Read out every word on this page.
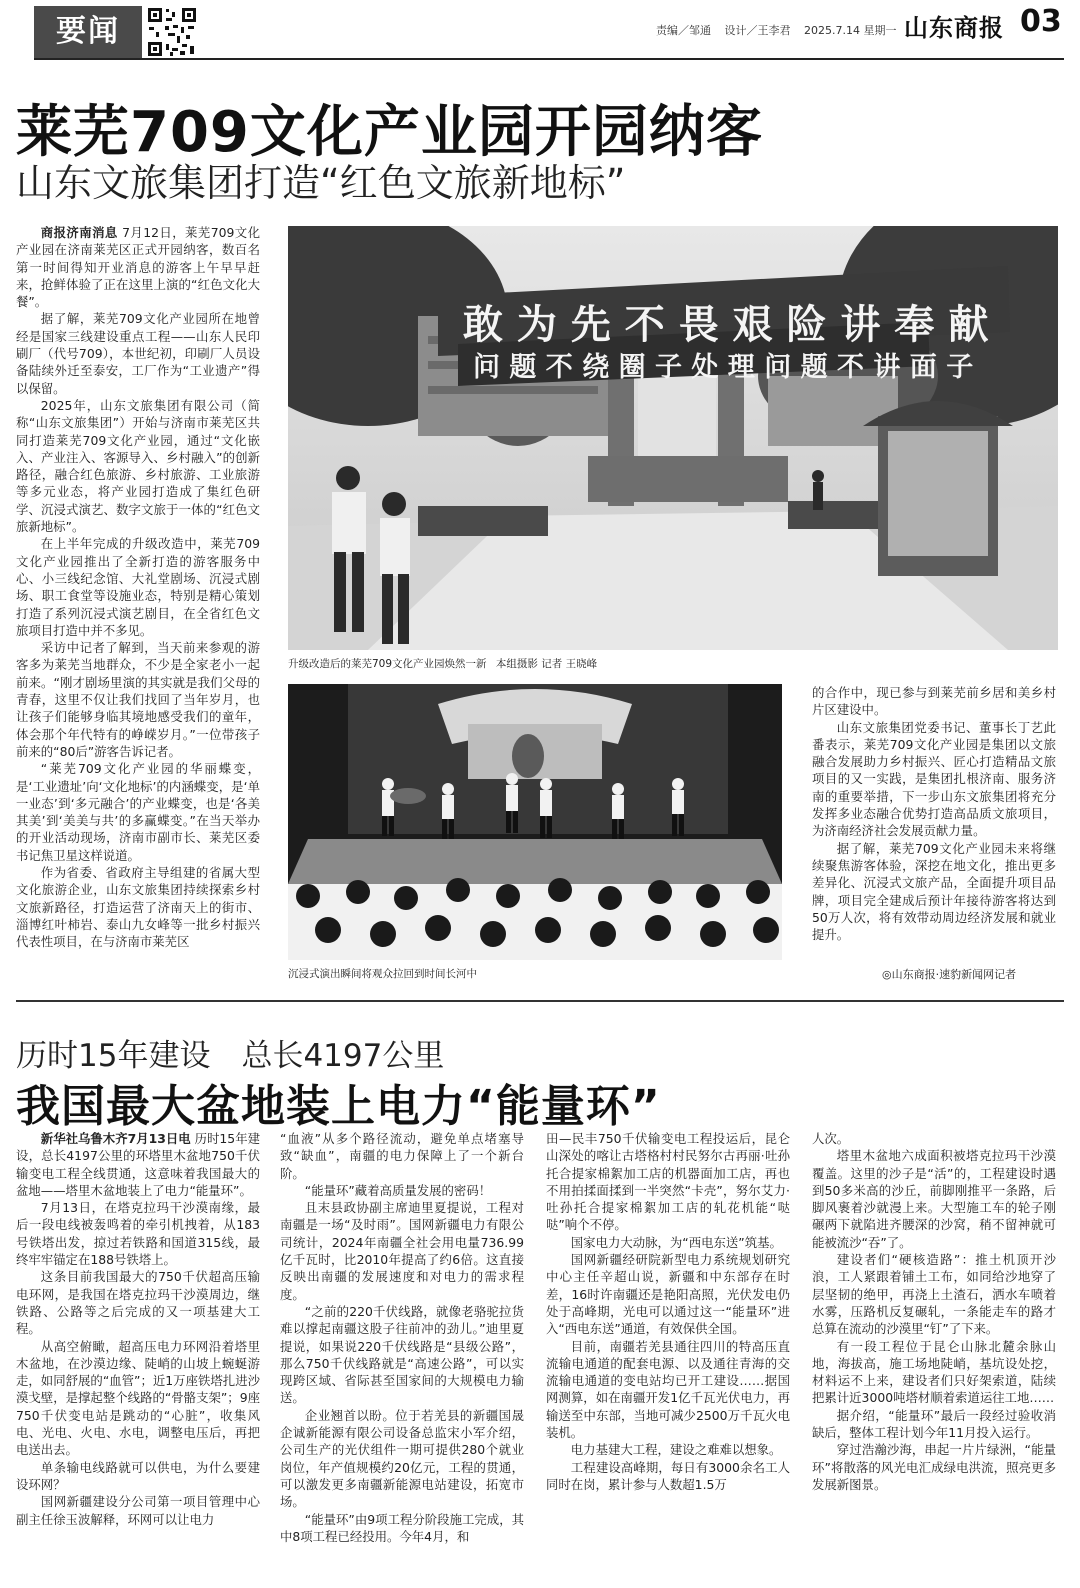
要闻	责编／邹通 设计／王李君 2025.7.14 星期一 山东商报 03
莱芜709文化产业园开园纳客
山东文旅集团打造“红色文旅新地标”

商报济南消息 7月12日，莱芜709文化产业园在济南莱芜区正式开园纳客，数百名第一时间得知开业消息的游客上午早早赶来，抢鲜体验了正在这里上演的“红色文化大餐”。

据了解，莱芜709文化产业园所在地曾经是国家三线建设重点工程——山东人民印刷厂（代号709），本世纪初，印刷厂人员设备陆续外迁至泰安，工厂作为“工业遗产”得以保留。

2025年，山东文旅集团有限公司（简称“山东文旅集团”）开始与济南市莱芜区共同打造莱芜709文化产业园，通过“文化嵌入、产业注入、客源导入、乡村融入”的创新路径，融合红色旅游、乡村旅游、工业旅游等多元业态，将产业园打造成了集红色研学、沉浸式演艺、数字文旅于一体的“红色文旅新地标”。

在上半年完成的升级改造中，莱芜709文化产业园推出了全新打造的游客服务中心、小三线纪念馆、大礼堂剧场、沉浸式剧场、职工食堂等设施业态，特别是精心策划打造了系列沉浸式演艺剧目，在全省红色文旅项目打造中并不多见。

采访中记者了解到，当天前来参观的游客多为莱芜当地群众，不少是全家老小一起前来。“刚才剧场里演的其实就是我们父母的青春，这里不仅让我们找回了当年岁月，也让孩子们能够身临其境地感受我们的童年，体会那个年代特有的峥嵘岁月。”一位带孩子前来的“80后”游客告诉记者。

“莱芜709文化产业园的华丽蝶变，是‘工业遗址’向‘文化地标’的内涵蝶变，是‘单一业态’到‘多元融合’的产业蝶变，也是‘各美其美’到‘美美与共’的多赢蝶变。”在当天举办的开业活动现场，济南市副市长、莱芜区委书记焦卫星这样说道。

作为省委、省政府主导组建的省属大型文化旅游企业，山东文旅集团持续探索乡村文旅新路径，打造运营了济南天上的街市、淄博红叶柿岩、泰山九女峰等一批乡村振兴代表性项目，在与济南市莱芜区

敢 为 先 不 畏 艰 险 讲 奉 献
问 题 不 绕 圈 子 处 理 问 题 不 讲 面 子
升级改造后的莱芜709文化产业园焕然一新 本组摄影 记者 王晓峰
沉浸式演出瞬间将观众拉回到时间长河中

的合作中，现已参与到莱芜前乡居和美乡村片区建设中。

山东文旅集团党委书记、董事长丁艺此番表示，莱芜709文化产业园是集团以文旅融合发展助力乡村振兴、匠心打造精品文旅项目的又一实践，是集团扎根济南、服务济南的重要举措，下一步山东文旅集团将充分发挥多业态融合优势打造高品质文旅项目，为济南经济社会发展贡献力量。

据了解，莱芜709文化产业园未来将继续聚焦游客体验，深挖在地文化，推出更多差异化、沉浸式文旅产品，全面提升项目品牌，项目完全建成后预计年接待游客将达到50万人次，将有效带动周边经济发展和就业提升。

◎山东商报·速豹新闻网记者
历时15年建设　总长4197公里
我国最大盆地装上电力“能量环”

新华社乌鲁木齐7月13日电 历时15年建设，总长4197公里的环塔里木盆地750千伏输变电工程全线贯通，这意味着我国最大的盆地——塔里木盆地装上了电力“能量环”。

7月13日，在塔克拉玛干沙漠南缘，最后一段电线被轰鸣着的牵引机拽着，从183号铁塔出发，掠过若铁路和国道315线，最终牢牢锚定在188号铁塔上。

这条目前我国最大的750千伏超高压输电环网，是我国在塔克拉玛干沙漠周边，继铁路、公路等之后完成的又一项基建大工程。

从高空俯瞰，超高压电力环网沿着塔里木盆地，在沙漠边缘、陡峭的山坡上蜿蜒游走，如同舒展的“血管”；近1万座铁塔扎进沙漠戈壁，是撑起整个线路的“骨骼支架”；9座750千伏变电站是跳动的“心脏”，收集风电、光电、火电、水电，调整电压后，再把电送出去。

单条输电线路就可以供电，为什么要建设环网？

国网新疆建设分公司第一项目管理中心副主任徐玉波解释，环网可以让电力

“血液”从多个路径流动，避免单点堵塞导致“缺血”，南疆的电力保障上了一个新台阶。

“能量环”藏着高质量发展的密码！

且末县政协副主席迪里夏提说，工程对南疆是一场“及时雨”。国网新疆电力有限公司统计，2024年南疆全社会用电量736.99亿千瓦时，比2010年提高了约6倍。这直接反映出南疆的发展速度和对电力的需求程度。

“之前的220千伏线路，就像老骆驼拉货难以撑起南疆这股子往前冲的劲儿。”迪里夏提说，如果说220千伏线路是“县级公路”，那么750千伏线路就是“高速公路”，可以实现跨区域、省际甚至国家间的大规模电力输送。

企业翘首以盼。位于若羌县的新疆国晟企诚新能源有限公司设备总监宋小军介绍，公司生产的光伏组件一期可提供280个就业岗位，年产值规模约20亿元，工程的贯通，可以激发更多南疆新能源电站建设，拓宽市场。

“能量环”由9项工程分阶段施工完成，其中8项工程已经投用。今年4月，和

田—民丰750千伏输变电工程投运后，昆仑山深处的喀让古塔格村村民努尔古再丽·吐孙托合提家棉絮加工店的机器面加工店，再也不用拍揉面揉到一半突然“卡壳”，努尔艾力·吐孙托合提家棉絮加工店的轧花机能“哒哒”响个不停。

国家电力大动脉，为“西电东送”筑基。

国网新疆经研院新型电力系统规划研究中心主任辛超山说，新疆和中东部存在时差，16时许南疆还是艳阳高照，光伏发电仍处于高峰期，光电可以通过这一“能量环”进入“西电东送”通道，有效保供全国。

目前，南疆若羌县通往四川的特高压直流输电通道的配套电源、以及通往青海的交流输电通道的变电站均已开工建设……据国网测算，如在南疆开发1亿千瓦光伏电力，再输送至中东部，当地可减少2500万千瓦火电装机。

电力基建大工程，建设之难难以想象。

工程建设高峰期，每日有3000余名工人同时在岗，累计参与人数超1.5万

人次。

塔里木盆地六成面积被塔克拉玛干沙漠覆盖。这里的沙子是“活”的，工程建设时遇到50多米高的沙丘，前脚刚推平一条路，后脚风裹着沙就漫上来。大型施工车的轮子刚碾两下就陷进齐腰深的沙窝，稍不留神就可能被流沙“吞”了。

建设者们“硬核造路”：推土机顶开沙浪，工人紧跟着铺土工布，如同给沙地穿了层坚韧的绝甲，再浇上土渣石，洒水车喷着水雾，压路机反复碾轧，一条能走车的路才总算在流动的沙漠里“钉”了下来。

有一段工程位于昆仑山脉北麓余脉山地，海拔高，施工场地陡峭，基坑设处挖，材料运不上来，建设者们只好架索道，陆续把累计近3000吨塔材顺着索道运往工地……

据介绍，“能量环”最后一段经过验收消缺后，整体工程计划今年11月投入运行。

穿过浩瀚沙海，串起一片片绿洲，“能量环”将散落的风光电汇成绿电洪流，照亮更多发展新图景。
